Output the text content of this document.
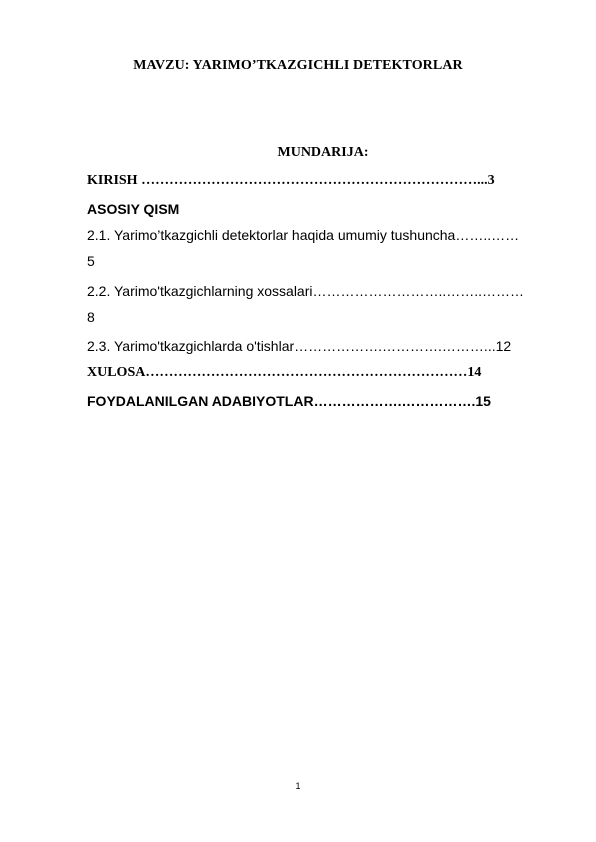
MAVZU: YARIMO’TKAZGICHLI DETEKTORLAR
MUNDARIJA:
KIRISH ………………………………………………………………...3
ASOSIY QISM
2.1. Yarimo’tkazgichli detektorlar haqida umumiy tushuncha……..……
5
2.2. Yarimo'tkazgichlarning xossalari………………………..……..………
8
2.3. Yarimo'tkazgichlarda o'tishlar……………….………….………...12
XULOSA……………………………………………………………14
FOYDALANILGAN ADABIYOTLAR……………….…………….15
1
